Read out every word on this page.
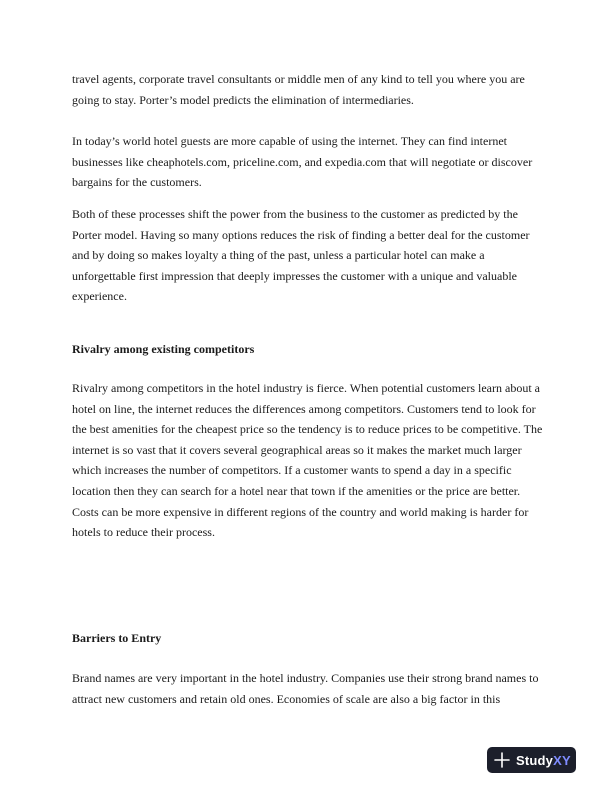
travel agents, corporate travel consultants or middle men of any kind to tell you where you are going to stay. Porter’s model predicts the elimination of intermediaries.

In today’s world hotel guests are more capable of using the internet. They can find internet businesses like cheaphotels.com, priceline.com, and expedia.com that will negotiate or discover bargains for the customers.

Both of these processes shift the power from the business to the customer as predicted by the Porter model. Having so many options reduces the risk of finding a better deal for the customer and by doing so makes loyalty a thing of the past, unless a particular hotel can make a unforgettable first impression that deeply impresses the customer with a unique and valuable experience.

Rivalry among existing competitors

Rivalry among competitors in the hotel industry is fierce. When potential customers learn about a hotel on line, the internet reduces the differences among competitors. Customers tend to look for the best amenities for the cheapest price so the tendency is to reduce prices to be competitive. The internet is so vast that it covers several geographical areas so it makes the market much larger which increases the number of competitors. If a customer wants to spend a day in a specific location then they can search for a hotel near that town if the amenities or the price are better. Costs can be more expensive in different regions of the country and world making is harder for hotels to reduce their process.

Barriers to Entry

Brand names are very important in the hotel industry. Companies use their strong brand names to attract new customers and retain old ones. Economies of scale are also a big factor in this

StudyXY
